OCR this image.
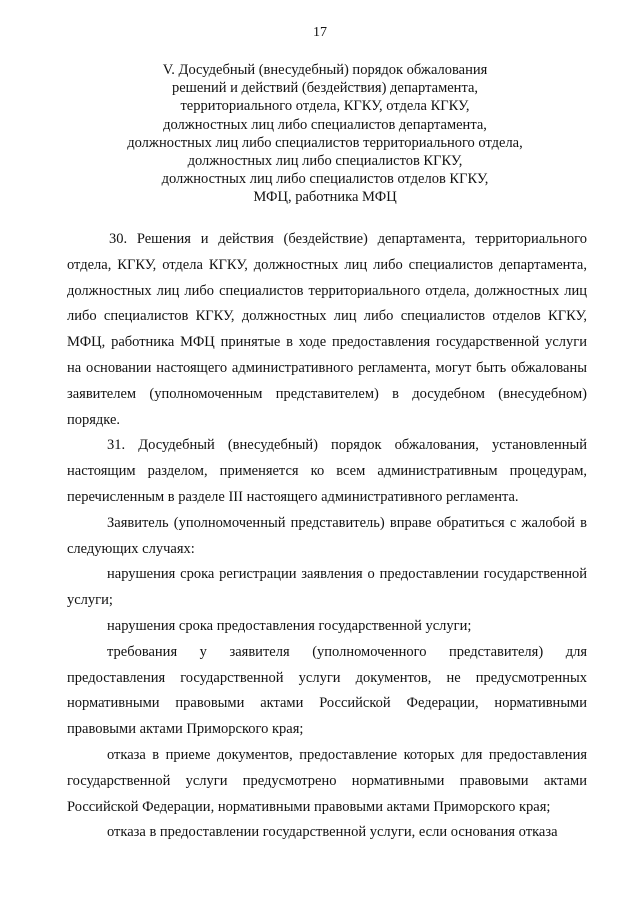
17
V. Досудебный (внесудебный) порядок обжалования
решений и действий (бездействия) департамента,
территориального отдела, КГКУ, отдела КГКУ,
должностных лиц либо специалистов департамента,
должностных лиц либо специалистов территориального отдела,
должностных лиц либо специалистов КГКУ,
должностных лиц либо специалистов отделов КГКУ,
МФЦ, работника МФЦ

30. Решения и действия (бездействие) департамента, территориального отдела, КГКУ, отдела КГКУ, должностных лиц либо специалистов департамента, должностных лиц либо специалистов территориального отдела, должностных лиц либо специалистов КГКУ, должностных лиц либо специалистов отделов КГКУ, МФЦ, работника МФЦ принятые в ходе предоставления государственной услуги на основании настоящего административного регламента, могут быть обжалованы заявителем (уполномоченным представителем) в досудебном (внесудебном) порядке.

31. Досудебный (внесудебный) порядок обжалования, установленный настоящим разделом, применяется ко всем административным процедурам, перечисленным в разделе III настоящего административного регламента.

Заявитель (уполномоченный представитель) вправе обратиться с жалобой в следующих случаях:

нарушения срока регистрации заявления о предоставлении государственной услуги;

нарушения срока предоставления государственной услуги;

требования у заявителя (уполномоченного представителя) для предоставления государственной услуги документов, не предусмотренных нормативными правовыми актами Российской Федерации, нормативными правовыми актами Приморского края;

отказа в приеме документов, предоставление которых для предоставления государственной услуги предусмотрено нормативными правовыми актами Российской Федерации, нормативными правовыми актами Приморского края;

отказа в предоставлении государственной услуги, если основания отказа
